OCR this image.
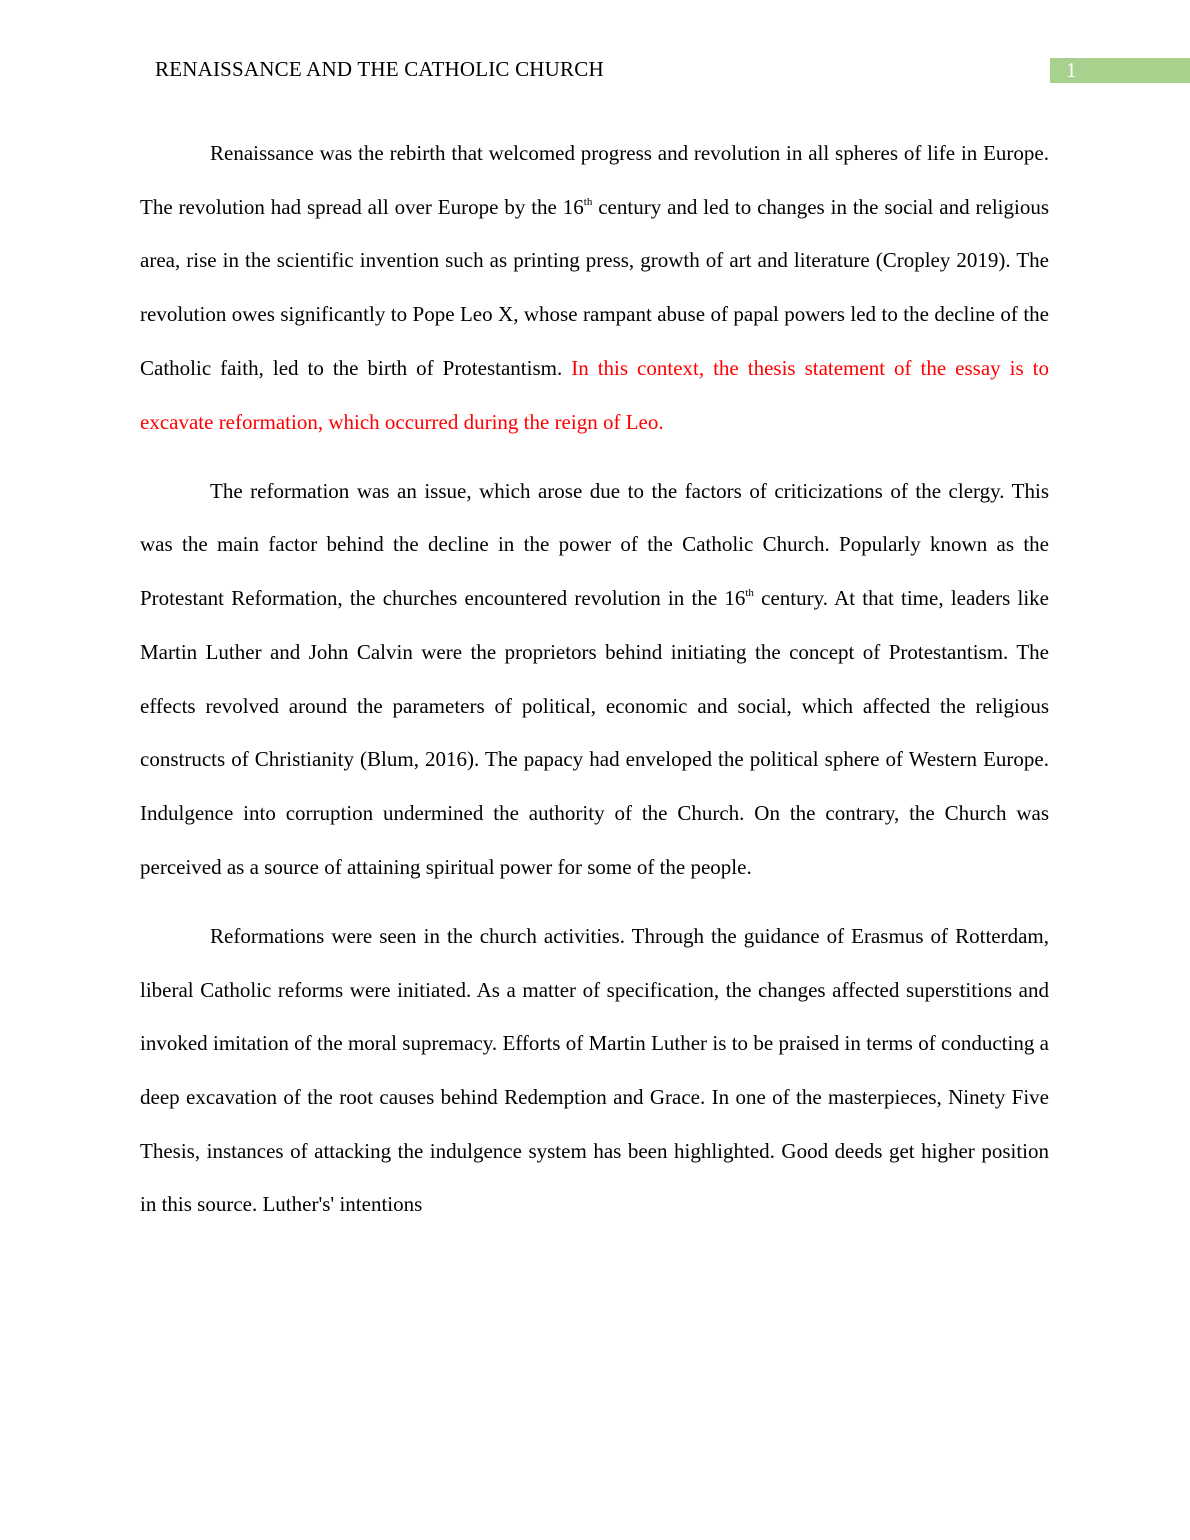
RENAISSANCE AND THE CATHOLIC CHURCH	1

Renaissance was the rebirth that welcomed progress and revolution in all spheres of life in Europe. The revolution had spread all over Europe by the 16th century and led to changes in the social and religious area, rise in the scientific invention such as printing press, growth of art and literature (Cropley 2019). The revolution owes significantly to Pope Leo X, whose rampant abuse of papal powers led to the decline of the Catholic faith, led to the birth of Protestantism. In this context, the thesis statement of the essay is to excavate reformation, which occurred during the reign of Leo.

The reformation was an issue, which arose due to the factors of criticizations of the clergy. This was the main factor behind the decline in the power of the Catholic Church. Popularly known as the Protestant Reformation, the churches encountered revolution in the 16th century. At that time, leaders like Martin Luther and John Calvin were the proprietors behind initiating the concept of Protestantism. The effects revolved around the parameters of political, economic and social, which affected the religious constructs of Christianity (Blum, 2016). The papacy had enveloped the political sphere of Western Europe. Indulgence into corruption undermined the authority of the Church. On the contrary, the Church was perceived as a source of attaining spiritual power for some of the people.

Reformations were seen in the church activities. Through the guidance of Erasmus of Rotterdam, liberal Catholic reforms were initiated. As a matter of specification, the changes affected superstitions and invoked imitation of the moral supremacy. Efforts of Martin Luther is to be praised in terms of conducting a deep excavation of the root causes behind Redemption and Grace. In one of the masterpieces, Ninety Five Thesis, instances of attacking the indulgence system has been highlighted. Good deeds get higher position in this source. Luther's' intentions
